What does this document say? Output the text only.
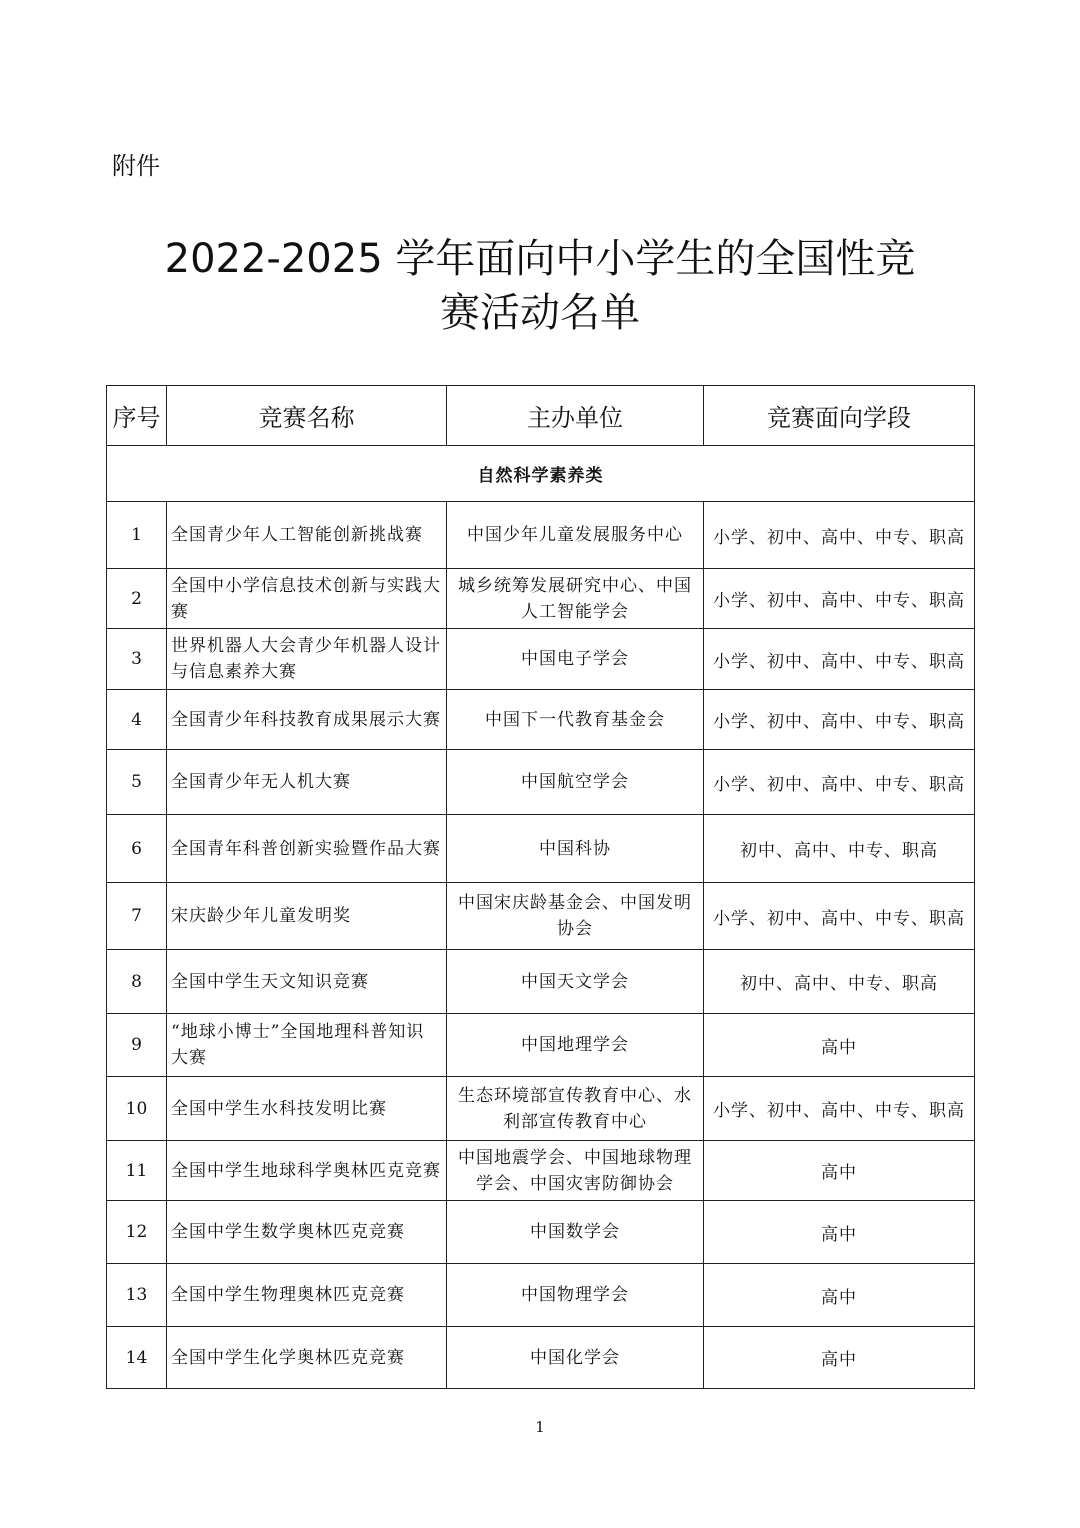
附件
2022-2025 学年面向中小学生的全国性竞
赛活动名单
序号	竞赛名称	主办单位	竞赛面向学段
自然科学素养类			
1	全国青少年人工智能创新挑战赛	中国少年儿童发展服务中心	小学、初中、高中、中专、职高
2	全国中小学信息技术创新与实践大赛	城乡统筹发展研究中心、中国人工智能学会	小学、初中、高中、中专、职高
3	世界机器人大会青少年机器人设计与信息素养大赛	中国电子学会	小学、初中、高中、中专、职高
4	全国青少年科技教育成果展示大赛	中国下一代教育基金会	小学、初中、高中、中专、职高
5	全国青少年无人机大赛	中国航空学会	小学、初中、高中、中专、职高
6	全国青年科普创新实验暨作品大赛	中国科协	初中、高中、中专、职高
7	宋庆龄少年儿童发明奖	中国宋庆龄基金会、中国发明协会	小学、初中、高中、中专、职高
8	全国中学生天文知识竞赛	中国天文学会	初中、高中、中专、职高
9	“地球小博士”全国地理科普知识大赛	中国地理学会	高中
10	全国中学生水科技发明比赛	生态环境部宣传教育中心、水利部宣传教育中心	小学、初中、高中、中专、职高
11	全国中学生地球科学奥林匹克竞赛	中国地震学会、中国地球物理学会、中国灾害防御协会	高中
12	全国中学生数学奥林匹克竞赛	中国数学会	高中
13	全国中学生物理奥林匹克竞赛	中国物理学会	高中
14	全国中学生化学奥林匹克竞赛	中国化学会	高中
1
